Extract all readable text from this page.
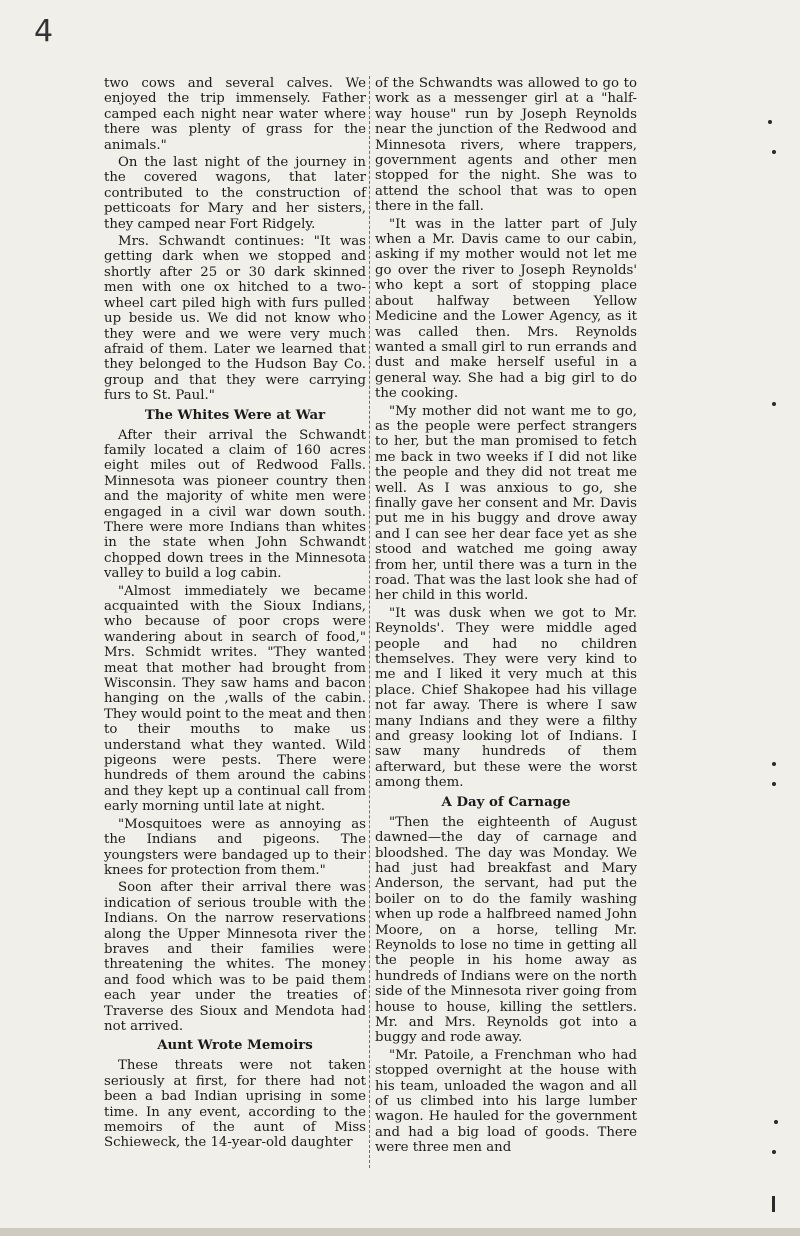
4

two cows and several calves. We enjoyed the trip immensely. Father camped each night near water where there was plenty of grass for the animals."

On the last night of the journey in the covered wagons, that later contributed to the construction of petticoats for Mary and her sisters, they camped near Fort Ridgely.

Mrs. Schwandt continues: "It was getting dark when we stopped and shortly after 25 or 30 dark skinned men with one ox hitched to a two-wheel cart piled high with furs pulled up beside us. We did not know who they were and we were very much afraid of them. Later we learned that they belonged to the Hudson Bay Co. group and that they were carrying furs to St. Paul."

The Whites Were at War

After their arrival the Schwandt family located a claim of 160 acres eight miles out of Redwood Falls. Minnesota was pioneer country then and the majority of white men were engaged in a civil war down south. There were more Indians than whites in the state when John Schwandt chopped down trees in the Minnesota valley to build a log cabin.

"Almost immediately we became acquainted with the Sioux Indians, who because of poor crops were wandering about in search of food," Mrs. Schmidt writes. "They wanted meat that mother had brought from Wisconsin. They saw hams and bacon hanging on the ,walls of the cabin. They would point to the meat and then to their mouths to make us understand what they wanted. Wild pigeons were pests. There were hundreds of them around the cabins and they kept up a continual call from early morning until late at night.

"Mosquitoes were as annoying as the Indians and pigeons. The youngsters were bandaged up to their knees for protection from them."

Soon after their arrival there was indication of serious trouble with the Indians. On the narrow reservations along the Upper Minnesota river the braves and their families were threatening the whites. The money and food which was to be paid them each year under the treaties of Traverse des Sioux and Mendota had not arrived.

Aunt Wrote Memoirs

These threats were not taken seriously at first, for there had not been a bad Indian uprising in some time. In any event, according to the memoirs of the aunt of Miss Schieweck, the 14-year-old daughter

of the Schwandts was allowed to go to work as a messenger girl at a "half-way house" run by Joseph Reynolds near the junction of the Redwood and Minnesota rivers, where trappers, government agents and other men stopped for the night. She was to attend the school that was to open there in the fall.

"It was in the latter part of July when a Mr. Davis came to our cabin, asking if my mother would not let me go over the river to Joseph Reynolds' who kept a sort of stopping place about halfway between Yellow Medicine and the Lower Agency, as it was called then. Mrs. Reynolds wanted a small girl to run errands and dust and make herself useful in a general way. She had a big girl to do the cooking.

"My mother did not want me to go, as the people were perfect strangers to her, but the man promised to fetch me back in two weeks if I did not like the people and they did not treat me well. As I was anxious to go, she finally gave her consent and Mr. Davis put me in his buggy and drove away and I can see her dear face yet as she stood and watched me going away from her, until there was a turn in the road. That was the last look she had of her child in this world.

"It was dusk when we got to Mr. Reynolds'. They were middle aged people and had no children themselves. They were very kind to me and I liked it very much at this place. Chief Shakopee had his village not far away. There is where I saw many Indians and they were a filthy and greasy looking lot of Indians. I saw many hundreds of them afterward, but these were the worst among them.

A Day of Carnage

"Then the eighteenth of August dawned—the day of carnage and bloodshed. The day was Monday. We had just had breakfast and Mary Anderson, the servant, had put the boiler on to do the family washing when up rode a halfbreed named John Moore, on a horse, telling Mr. Reynolds to lose no time in getting all the people in his home away as hundreds of Indians were on the north side of the Minnesota river going from house to house, killing the settlers. Mr. and Mrs. Reynolds got into a buggy and rode away.

"Mr. Patoile, a Frenchman who had stopped overnight at the house with his team, unloaded the wagon and all of us climbed into his large lumber wagon. He hauled for the government and had a big load of goods. There were three men and
